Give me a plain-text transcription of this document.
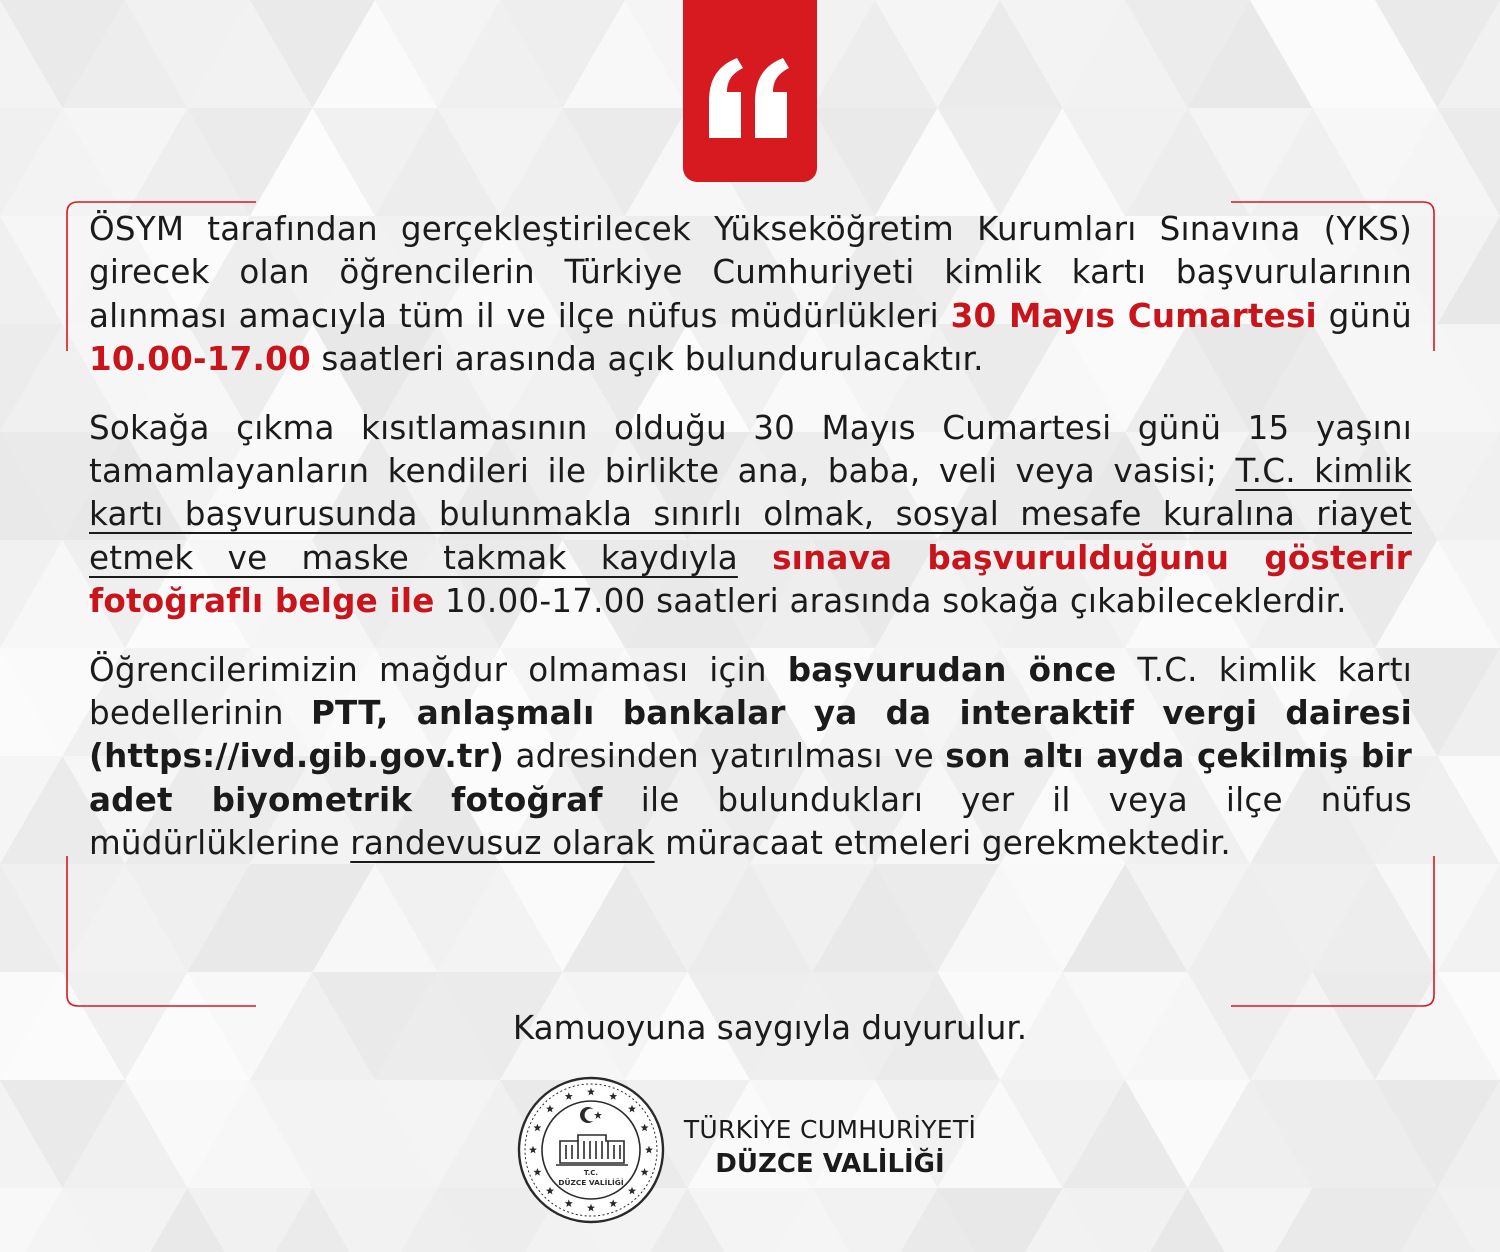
ÖSYM tarafından gerçekleştirilecek Yükseköğretim Kurumları Sınavına (YKS) girecek olan öğrencilerin Türkiye Cumhuriyeti kimlik kartı başvurularının alınması amacıyla tüm il ve ilçe nüfus müdürlükleri 30 Mayıs Cumartesi günü 10.00-17.00 saatleri arasında açık bulundurulacaktır.

Sokağa çıkma kısıtlamasının olduğu 30 Mayıs Cumartesi günü 15 yaşını tamamlayanların kendileri ile birlikte ana, baba, veli veya vasisi; T.C. kimlik kartı başvurusunda bulunmakla sınırlı olmak, sosyal mesafe kuralına riayet etmek ve maske takmak kaydıyla sınava başvurulduğunu gösterir fotoğraflı belge ile 10.00-17.00 saatleri arasında sokağa çıkabileceklerdir.

Öğrencilerimizin mağdur olmaması için başvurudan önce T.C. kimlik kartı bedellerinin PTT, anlaşmalı bankalar ya da interaktif vergi dairesi (https://ivd.gib.gov.tr) adresinden yatırılması ve son altı ayda çekilmiş bir adet biyometrik fotoğraf ile bulundukları yer il veya ilçe nüfus müdürlüklerine randevusuz olarak müracaat etmeleri gerekmektedir.

Kamuoyuna saygıyla duyurulur.
T.C.
DÜZCE VALİLİĞİ
TÜRKİYE CUMHURİYETİ
DÜZCE VALİLİĞİ
